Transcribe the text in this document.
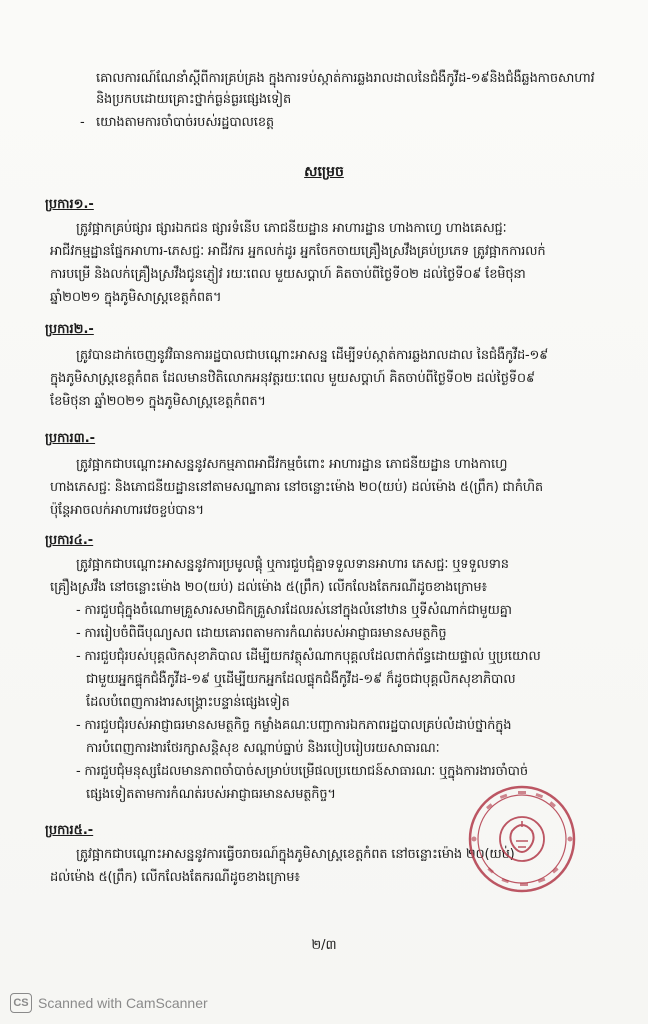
គោលការណ៍ណែនាំស្តីពីការគ្រប់គ្រង ក្នុងការទប់ស្កាត់ការឆ្លងរាលដាលនៃជំងឺកូវីដ-១៩និងជំងឺឆ្លងកាចសាហាវ
និងប្រកបដោយគ្រោះថ្នាក់ធ្ងន់ធ្ងរផ្សេងទៀត
- យោងតាមការចាំបាច់របស់រដ្ឋបាលខេត្ត
សម្រេច
ប្រការ១.-
ត្រូវផ្អាកគ្រប់ផ្សារ ផ្សារឯកជន ផ្សារទំនើប ភោជនីយដ្ឋាន អាហារដ្ឋាន ហាងកាហ្វេ ហាងគេសជ្ជៈ
អាជីវកម្មដ្ឋានផ្នែកអាហារ-ភេសជ្ជៈ អាជីវករ អ្នកលក់ដូរ អ្នកចែកចាយគ្រឿងស្រវឹងគ្រប់ប្រភេទ ត្រូវផ្អាកការលក់
ការបម្រើ និងលក់គ្រឿងស្រវឹងជូនភ្ញៀវ រយៈពេល មួយសប្តាហ៍ គិតចាប់ពីថ្ងៃទី០២ ដល់ថ្ងៃទី០៩ ខែមិថុនា
ឆ្នាំ២០២១ ក្នុងភូមិសាស្ត្រខេត្តកំពត។
ប្រការ២.-
ត្រូវបានដាក់ចេញនូវវិធានការរដ្ឋបាលជាបណ្តោះអាសន្ន ដើម្បីទប់ស្កាត់ការឆ្លងរាលដាល នៃជំងឺកូវីដ-១៩
ក្នុងភូមិសាស្ត្រខេត្តកំពត ដែលមានឋិតិលោកអនុវត្តរយៈពេល មួយសប្តាហ៍ គិតចាប់ពីថ្ងៃទី០២ ដល់ថ្ងៃទី០៩
ខែមិថុនា ឆ្នាំ២០២១ ក្នុងភូមិសាស្ត្រខេត្តកំពត។
ប្រការ៣.-
ត្រូវផ្អាកជាបណ្តោះអាសន្ននូវសកម្មភាពអាជីវកម្មចំពោះ អាហារដ្ឋាន ភោជនីយដ្ឋាន ហាងកាហ្វេ
ហាងភេសជ្ជៈ និងភោជនីយដ្ឋាននៅតាមសណ្ឋាគារ នៅចន្លោះម៉ោង ២០(យប់) ដល់ម៉ោង ៥(ព្រឹក) ជាកំហិត
ប៉ុន្តែអាចលក់អាហារវេចខ្ចប់បាន។
ប្រការ៤.-
ត្រូវផ្អាកជាបណ្តោះអាសន្ននូវការប្រមូលផ្តុំ ឬការជួបជុំគ្នាទទួលទានអាហារ ភេសជ្ជៈ ឬទទួលទាន
គ្រឿងស្រវឹង នៅចន្លោះម៉ោង ២០(យប់) ដល់ម៉ោង ៥(ព្រឹក) លើកលែងតែករណីដូចខាងក្រោម៖
- ការជួបជុំក្នុងចំណោមគ្រួសារសមាជិកគ្រួសារដែលរស់នៅក្នុងលំនៅឋាន ឬទីសំណាក់ជាមួយគ្នា
- ការរៀបចំពិធីបុណ្យសព ដោយគោរពតាមការកំណត់របស់អាជ្ញាធរមានសមត្ថកិច្ច
- ការជួបជុំរបស់បុគ្គលិកសុខាភិបាល ដើម្បីយកវត្ថុសំណាកបុគ្គលដែលពាក់ព័ន្ធដោយផ្ទាល់ ឬប្រយោល
ជាមួយអ្នកផ្ទុកជំងឺកូវីដ-១៩ ឬដើម្បីយកអ្នកដែលផ្ទុកជំងឺកូវីដ-១៩ ក៏ដូចជាបុគ្គលិកសុខាភិបាល
ដែលបំពេញការងារសង្គ្រោះបន្ទាន់ផ្សេងទៀត
- ការជួបជុំរបស់អាជ្ញាធរមានសមត្ថកិច្ច កម្លាំងគណៈបញ្ជាការឯកភាពរដ្ឋបាលគ្រប់លំដាប់ថ្នាក់ក្នុង
ការបំពេញការងារថែរក្សាសន្តិសុខ សណ្តាប់ធ្នាប់ និងរបៀបរៀបរយសាធារណៈ
- ការជួបជុំមនុស្សដែលមានភាពចាំបាច់សម្រាប់បម្រើផលប្រយោជន៍សាធារណៈ ឬក្នុងការងារចាំបាច់
ផ្សេងទៀតតាមការកំណត់របស់អាជ្ញាធរមានសមត្ថកិច្ច។
ប្រការ៥.-
ត្រូវផ្អាកជាបណ្តោះអាសន្ននូវការធ្វើចរាចរណ៍ក្នុងភូមិសាស្ត្រខេត្តកំពត នៅចន្លោះម៉ោង ២០(យប់)
ដល់ម៉ោង ៥(ព្រឹក) លើកលែងតែករណីដូចខាងក្រោម៖
២/៣
CS Scanned with CamScanner
